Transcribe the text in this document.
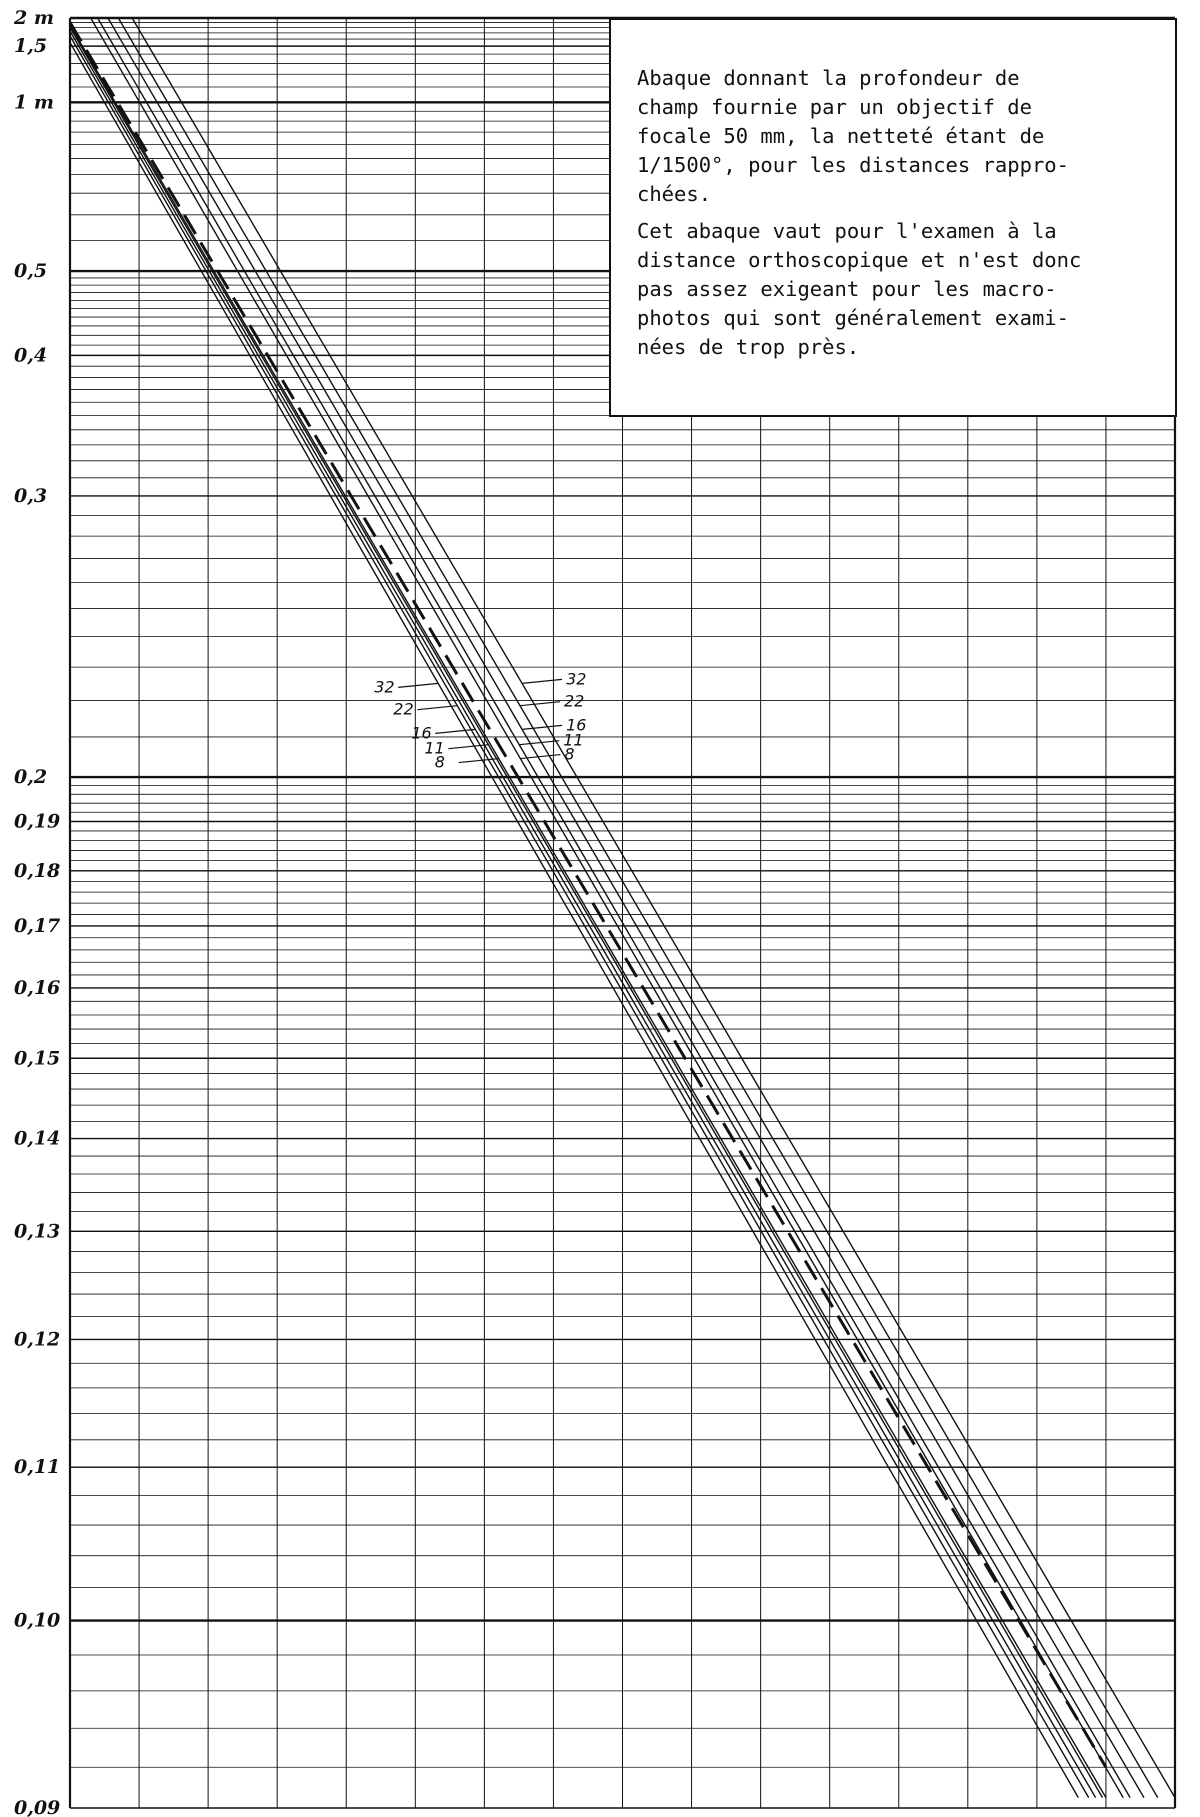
2 m
1,5
1 m
0,5
0,4
0,3
0,2
0,19
0,18
0,17
0,16
0,15
0,14
0,13
0,12
0,11
0,10
0,09
32
22
16
11
8
32
22
16
11
8

Abaque donnant la profondeur de
champ fournie par un objectif de
focale 50 mm, la netteté étant de
1/1500°, pour les distances rappro-
chées.

Cet abaque vaut pour l'examen à la
distance orthoscopique et n'est donc
pas assez exigeant pour les macro-
photos qui sont généralement exami-
nées de trop près.
